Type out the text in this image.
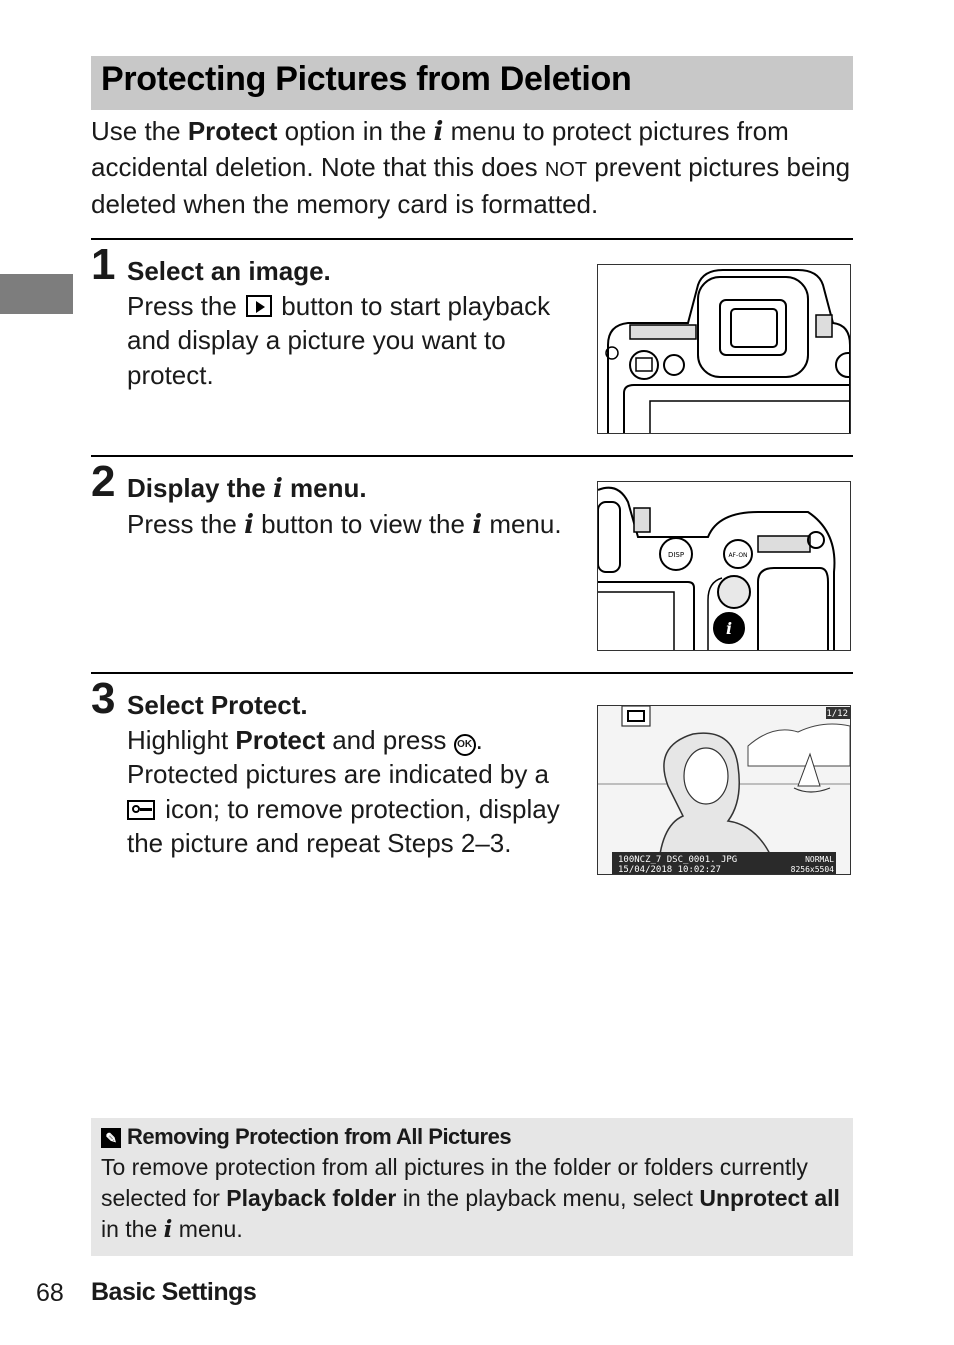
Protecting Pictures from Deletion

Use the Protect option in the i menu to protect pictures from accidental deletion. Note that this does NOT prevent pictures being deleted when the memory card is formatted.

1 Select an image.
Press the  button to start playback and display a picture you want to protect.
2 Display the i menu.
Press the i button to view the i menu.
i
DISP	AF-ON
3 Select Protect.
Highlight Protect and press OK . Protected pictures are indicated by a  icon; to remove protection, display the picture and repeat Steps 2–3.
1/12
100NCZ_7 DSC_0001. JPG	NORMAL
15/04/2018 10:02:27	8256x5504
✎ Removing Protection from All Pictures
To remove protection from all pictures in the folder or folders currently selected for Playback folder in the playback menu, select Unprotect all in the i menu.
68 Basic Settings
